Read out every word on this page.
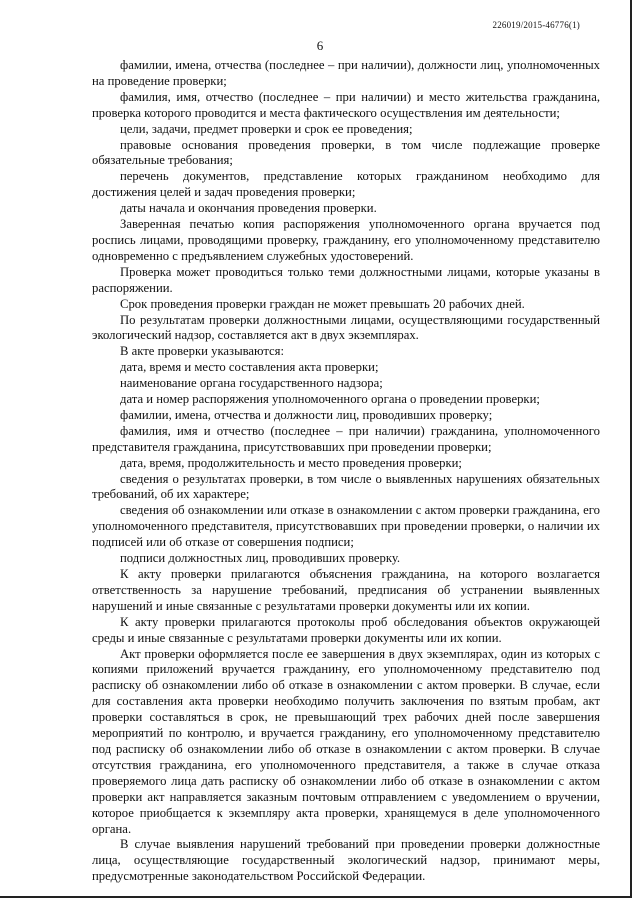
226019/2015-46776(1)
6

фамилии, имена, отчества (последнее – при наличии), должности лиц, уполномоченных на проведение проверки;

фамилия, имя, отчество (последнее – при наличии) и место жительства гражданина, проверка которого проводится и места фактического осуществления им деятельности;

цели, задачи, предмет проверки и срок ее проведения;

правовые основания проведения проверки, в том числе подлежащие проверке обязательные требования;

перечень документов, представление которых гражданином необходимо для достижения целей и задач проведения проверки;

даты начала и окончания проведения проверки.

Заверенная печатью копия распоряжения уполномоченного органа вручается под роспись лицами, проводящими проверку, гражданину, его уполномоченному представителю одновременно с предъявлением служебных удостоверений.

Проверка может проводиться только теми должностными лицами, которые указаны в распоряжении.

Срок проведения проверки граждан не может превышать 20 рабочих дней.

По результатам проверки должностными лицами, осуществляющими государственный экологический надзор, составляется акт в двух экземплярах.

В акте проверки указываются:

дата, время и место составления акта проверки;

наименование органа государственного надзора;

дата и номер распоряжения уполномоченного органа о проведении проверки;

фамилии, имена, отчества и должности лиц, проводивших проверку;

фамилия, имя и отчество (последнее – при наличии) гражданина, уполномоченного представителя гражданина, присутствовавших при проведении проверки;

дата, время, продолжительность и место проведения проверки;

сведения о результатах проверки, в том числе о выявленных нарушениях обязательных требований, об их характере;

сведения об ознакомлении или отказе в ознакомлении с актом проверки гражданина, его уполномоченного представителя, присутствовавших при проведении проверки, о наличии их подписей или об отказе от совершения подписи;

подписи должностных лиц, проводивших проверку.

К акту проверки прилагаются объяснения гражданина, на которого возлагается ответственность за нарушение требований, предписания об устранении выявленных нарушений и иные связанные с результатами проверки документы или их копии.

К акту проверки прилагаются протоколы проб обследования объектов окружающей среды и иные связанные с результатами проверки документы или их копии.

Акт проверки оформляется после ее завершения в двух экземплярах, один из которых с копиями приложений вручается гражданину, его уполномоченному представителю под расписку об ознакомлении либо об отказе в ознакомлении с актом проверки. В случае, если для составления акта проверки необходимо получить заключения по взятым пробам, акт проверки составляться в срок, не превышающий трех рабочих дней после завершения мероприятий по контролю, и вручается гражданину, его уполномоченному представителю под расписку об ознакомлении либо об отказе в ознакомлении с актом проверки. В случае отсутствия гражданина, его уполномоченного представителя, а также в случае отказа проверяемого лица дать расписку об ознакомлении либо об отказе в ознакомлении с актом проверки акт направляется заказным почтовым отправлением с уведомлением о вручении, которое приобщается к экземпляру акта проверки, хранящемуся в деле уполномоченного органа.

В случае выявления нарушений требований при проведении проверки должностные лица, осуществляющие государственный экологический надзор, принимают меры, предусмотренные законодательством Российской Федерации.
